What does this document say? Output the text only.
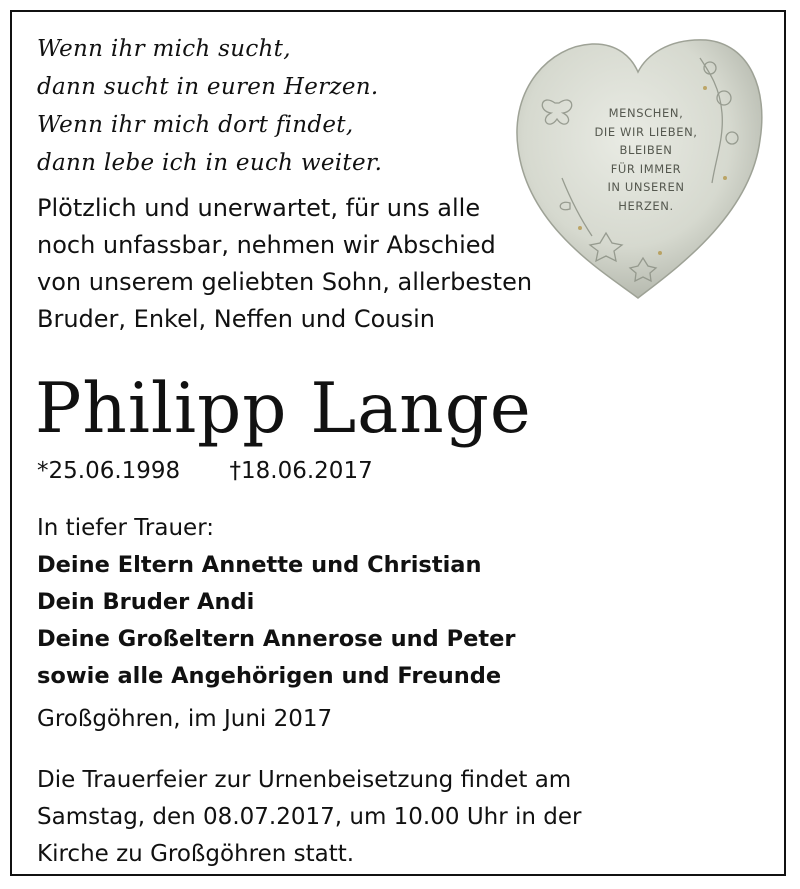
Wenn ihr mich sucht,
dann sucht in euren Herzen.
Wenn ihr mich dort findet,
dann lebe ich in euch weiter.
MENSCHEN,
DIE WIR LIEBEN,
BLEIBEN
FÜR IMMER
IN UNSEREN
HERZEN.
Plötzlich und unerwartet, für uns alle
noch unfassbar, nehmen wir Abschied
von unserem geliebten Sohn, allerbesten
Bruder, Enkel, Neffen und Cousin
Philipp Lange
*25.06.1998 †18.06.2017
In tiefer Trauer:
Deine Eltern Annette und Christian
Dein Bruder Andi
Deine Großeltern Annerose und Peter
sowie alle Angehörigen und Freunde
Großgöhren, im Juni 2017
Die Trauerfeier zur Urnenbeisetzung findet am
Samstag, den 08.07.2017, um 10.00 Uhr in der
Kirche zu Großgöhren statt.
